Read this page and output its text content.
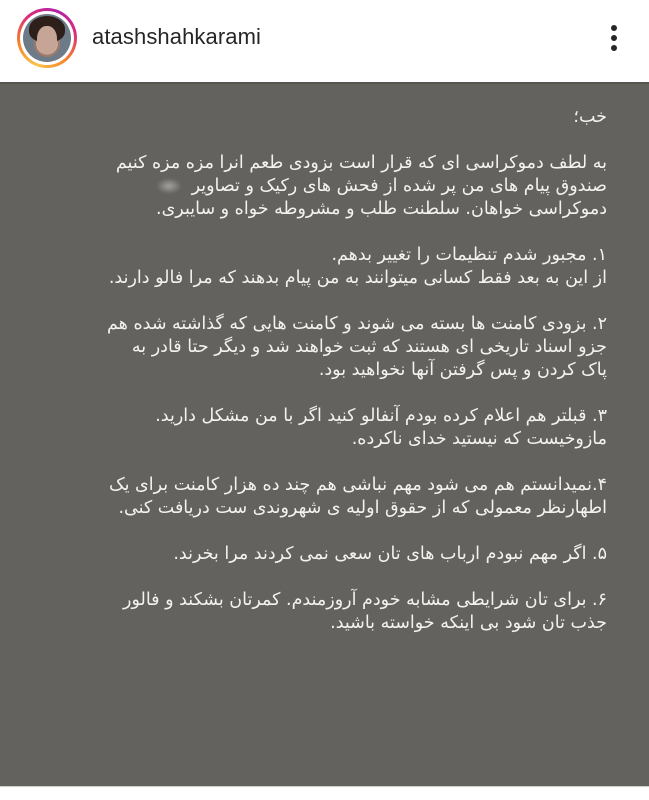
atashshahkarami

خب؛

به لطف دموکراسی ای که قرار است بزودی طعم انرا مزه مزه کنیم
صندوق پیام های من پر شده از فحش های رکیک و تصاویر
دموکراسی خواهان. سلطنت طلب و مشروطه خواه و سایبری.

۱. مجبور شدم تنظیمات را تغییر بدهم.
از این به بعد فقط کسانی میتوانند به من پیام بدهند که مرا فالو دارند.

۲. بزودی کامنت ها بسته می شوند و کامنت هایی که گذاشته شده هم
جزو اسناد تاریخی ای هستند که ثبت خواهند شد و دیگر حتا قادر به
پاک کردن و پس گرفتن آنها نخواهید بود.

۳. قبلتر هم اعلام کرده بودم آنفالو کنید اگر با من مشکل دارید.
مازوخیست که نیستید خدای ناکرده.

۴.نمیدانستم هم می شود مهم نباشی هم چند ده هزار کامنت برای یک
اطهارنظر معمولی که از حقوق اولیه ی شهروندی ست دریافت کنی.

۵. اگر مهم نبودم ارباب های تان سعی نمی کردند مرا بخرند.

۶. برای تان شرایطی مشابه خودم آروزمندم. کمرتان بشکند و فالور
جذب تان شود بی اینکه خواسته باشید.
